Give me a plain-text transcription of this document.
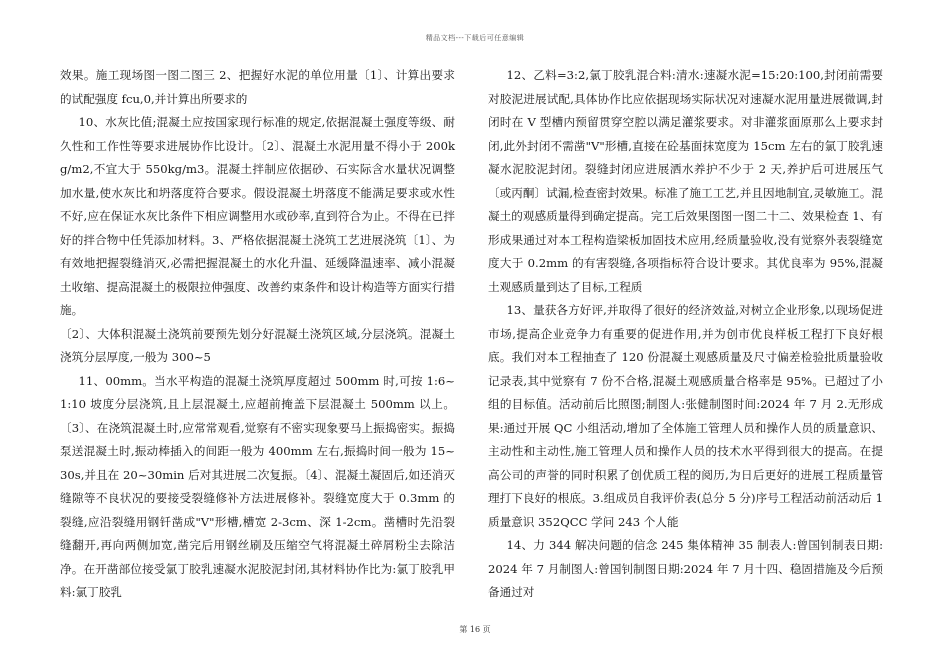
精品文档---下载后可任意编辑

效果。施工现场图一图二图三 2、把握好水泥的单位用量〔1〕、计算出要求的试配强度 fcu,0,并计算出所要求的

10、水灰比值;混凝土应按国家现行标准的规定,依据混凝土强度等级、耐久性和工作性等要求进展协作比设计。〔2〕、混凝土水泥用量不得小于 200kg/m2,不宜大于 550kg/m3。混凝土拌制应依据砂、石实际含水量状况调整加水量,使水灰比和坍落度符合要求。假设混凝土坍落度不能满足要求或水性不好,应在保证水灰比条件下相应调整用水或砂率,直到符合为止。不得在已拌好的拌合物中任凭添加材料。3、严格依据混凝土浇筑工艺进展浇筑〔1〕、为有效地把握裂缝消灭,必需把握混凝土的水化升温、延缓降温速率、减小混凝土收缩、提高混凝土的极限拉伸强度、改善约束条件和设计构造等方面实行措施。

〔2〕、大体积混凝土浇筑前要预先划分好混凝土浇筑区域,分层浇筑。混凝土浇筑分层厚度,一般为 300~5

11、00mm。当水平构造的混凝土浇筑厚度超过 500mm 时,可按 1:6~1:10 坡度分层浇筑,且上层混凝土,应超前掩盖下层混凝土 500mm 以上。〔3〕、在浇筑混凝土时,应常常观看,觉察有不密实现象要马上振捣密实。振捣泵送混凝土时,振动棒插入的间距一般为 400mm 左右,振捣时间一般为 15~30s,并且在 20~30min 后对其进展二次复振。〔4〕、混凝土凝固后,如还消灭缝隙等不良状况的要接受裂缝修补方法进展修补。裂缝宽度大于 0.3mm 的裂缝,应沿裂缝用钢钎凿成"V"形槽,槽宽 2-3cm、深 1-2cm。凿槽时先沿裂缝翻开,再向两侧加宽,凿完后用钢丝刷及压缩空气将混凝土碎屑粉尘去除洁净。在开凿部位接受氯丁胶乳速凝水泥胶泥封闭,其材料协作比为:氯丁胶乳甲料:氯丁胶乳

12、乙料=3:2,氯丁胶乳混合料:清水:速凝水泥=15:20:100,封闭前需要对胶泥进展试配,具体协作比应依据现场实际状况对速凝水泥用量进展微调,封闭时在 V 型槽内预留贯穿空腔以满足灌浆要求。对非灌浆面原那么上要求封闭,此外封闭不需凿"V"形槽,直接在砼基面抹宽度为 15cm 左右的氯丁胶乳速凝水泥胶泥封闭。裂缝封闭应进展洒水养护不少于 2 天,养护后可进展压气〔或丙酮〕试漏,检查密封效果。标准了施工工艺,并且因地制宜,灵敏施工。混凝土的观感质量得到确定提高。完工后效果图图一图二十二、效果检查 1、有形成果通过对本工程构造梁板加固技术应用,经质量验收,没有觉察外表裂缝宽度大于 0.2mm 的有害裂缝,各项指标符合设计要求。其优良率为 95%,混凝土观感质量到达了目标,工程质

13、量获各方好评,并取得了很好的经济效益,对树立企业形象,以现场促进市场,提高企业竞争力有重要的促进作用,并为创市优良样板工程打下良好根底。我们对本工程抽查了 120 份混凝土观感质量及尺寸偏差检验批质量验收记录表,其中觉察有 7 份不合格,混凝土观感质量合格率是 95%。已超过了小组的目标值。活动前后比照图;制图人:张健制图时间:2024 年 7 月 2.无形成果:通过开展 QC 小组活动,增加了全体施工管理人员和操作人员的质量意识、主动性和主动性,施工管理人员和操作人员的技术水平得到很大的提高。在提高公司的声誉的同时积累了创优质工程的阅历,为日后更好的进展工程质量管理打下良好的根底。3.组成员自我评价表(总分 5 分)序号工程活动前活动后 1 质量意识 352QCC 学问 243 个人能

14、力 344 解决问题的信念 245 集体精神 35 制表人:曾国钊制表日期:2024 年 7 月制图人:曾国钊制图日期:2024 年 7 月十四、稳固措施及今后预备通过对

第 16 页
